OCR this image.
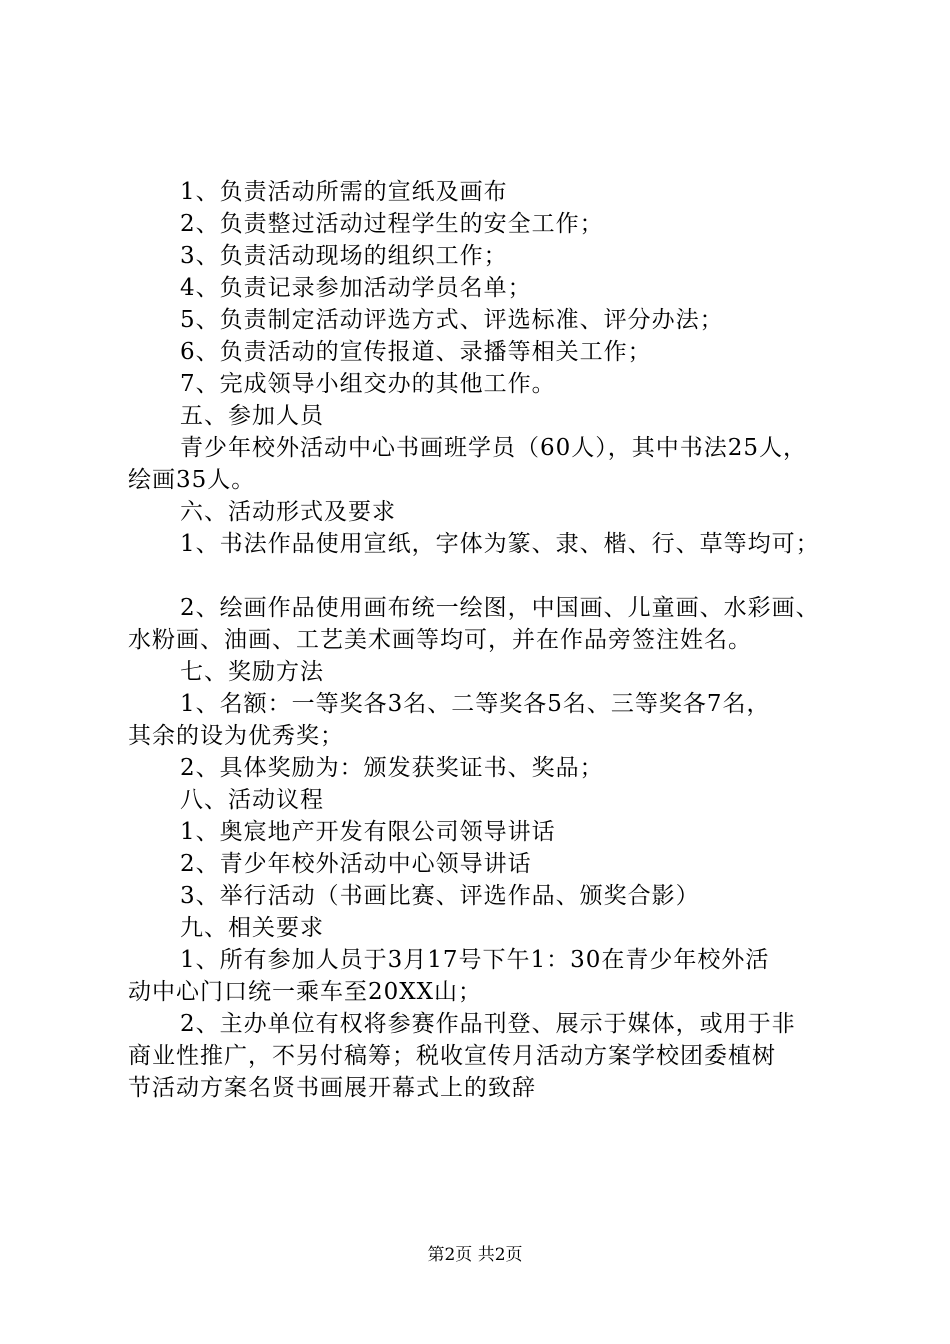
1、负责活动所需的宣纸及画布
2、负责整过活动过程学生的安全工作；
3、负责活动现场的组织工作；
4、负责记录参加活动学员名单；
5、负责制定活动评选方式、评选标准、评分办法；
6、负责活动的宣传报道、录播等相关工作；
7、完成领导小组交办的其他工作。
五、参加人员
青少年校外活动中心书画班学员（60人），其中书法25人，
绘画35人。
六、活动形式及要求
1、书法作品使用宣纸，字体为篆、隶、楷、行、草等均可；
2、绘画作品使用画布统一绘图，中国画、儿童画、水彩画、
水粉画、油画、工艺美术画等均可，并在作品旁签注姓名。
七、奖励方法
1、名额：一等奖各3名、二等奖各5名、三等奖各7名，
其余的设为优秀奖；
2、具体奖励为：颁发获奖证书、奖品；
八、活动议程
1、奥宸地产开发有限公司领导讲话
2、青少年校外活动中心领导讲话
3、举行活动（书画比赛、评选作品、颁奖合影）
九、相关要求
1、所有参加人员于3月17号下午1：30在青少年校外活
动中心门口统一乘车至20XX山；
2、主办单位有权将参赛作品刊登、展示于媒体，或用于非
商业性推广，不另付稿筹；税收宣传月活动方案学校团委植树
节活动方案名贤书画展开幕式上的致辞
第2页 共2页
